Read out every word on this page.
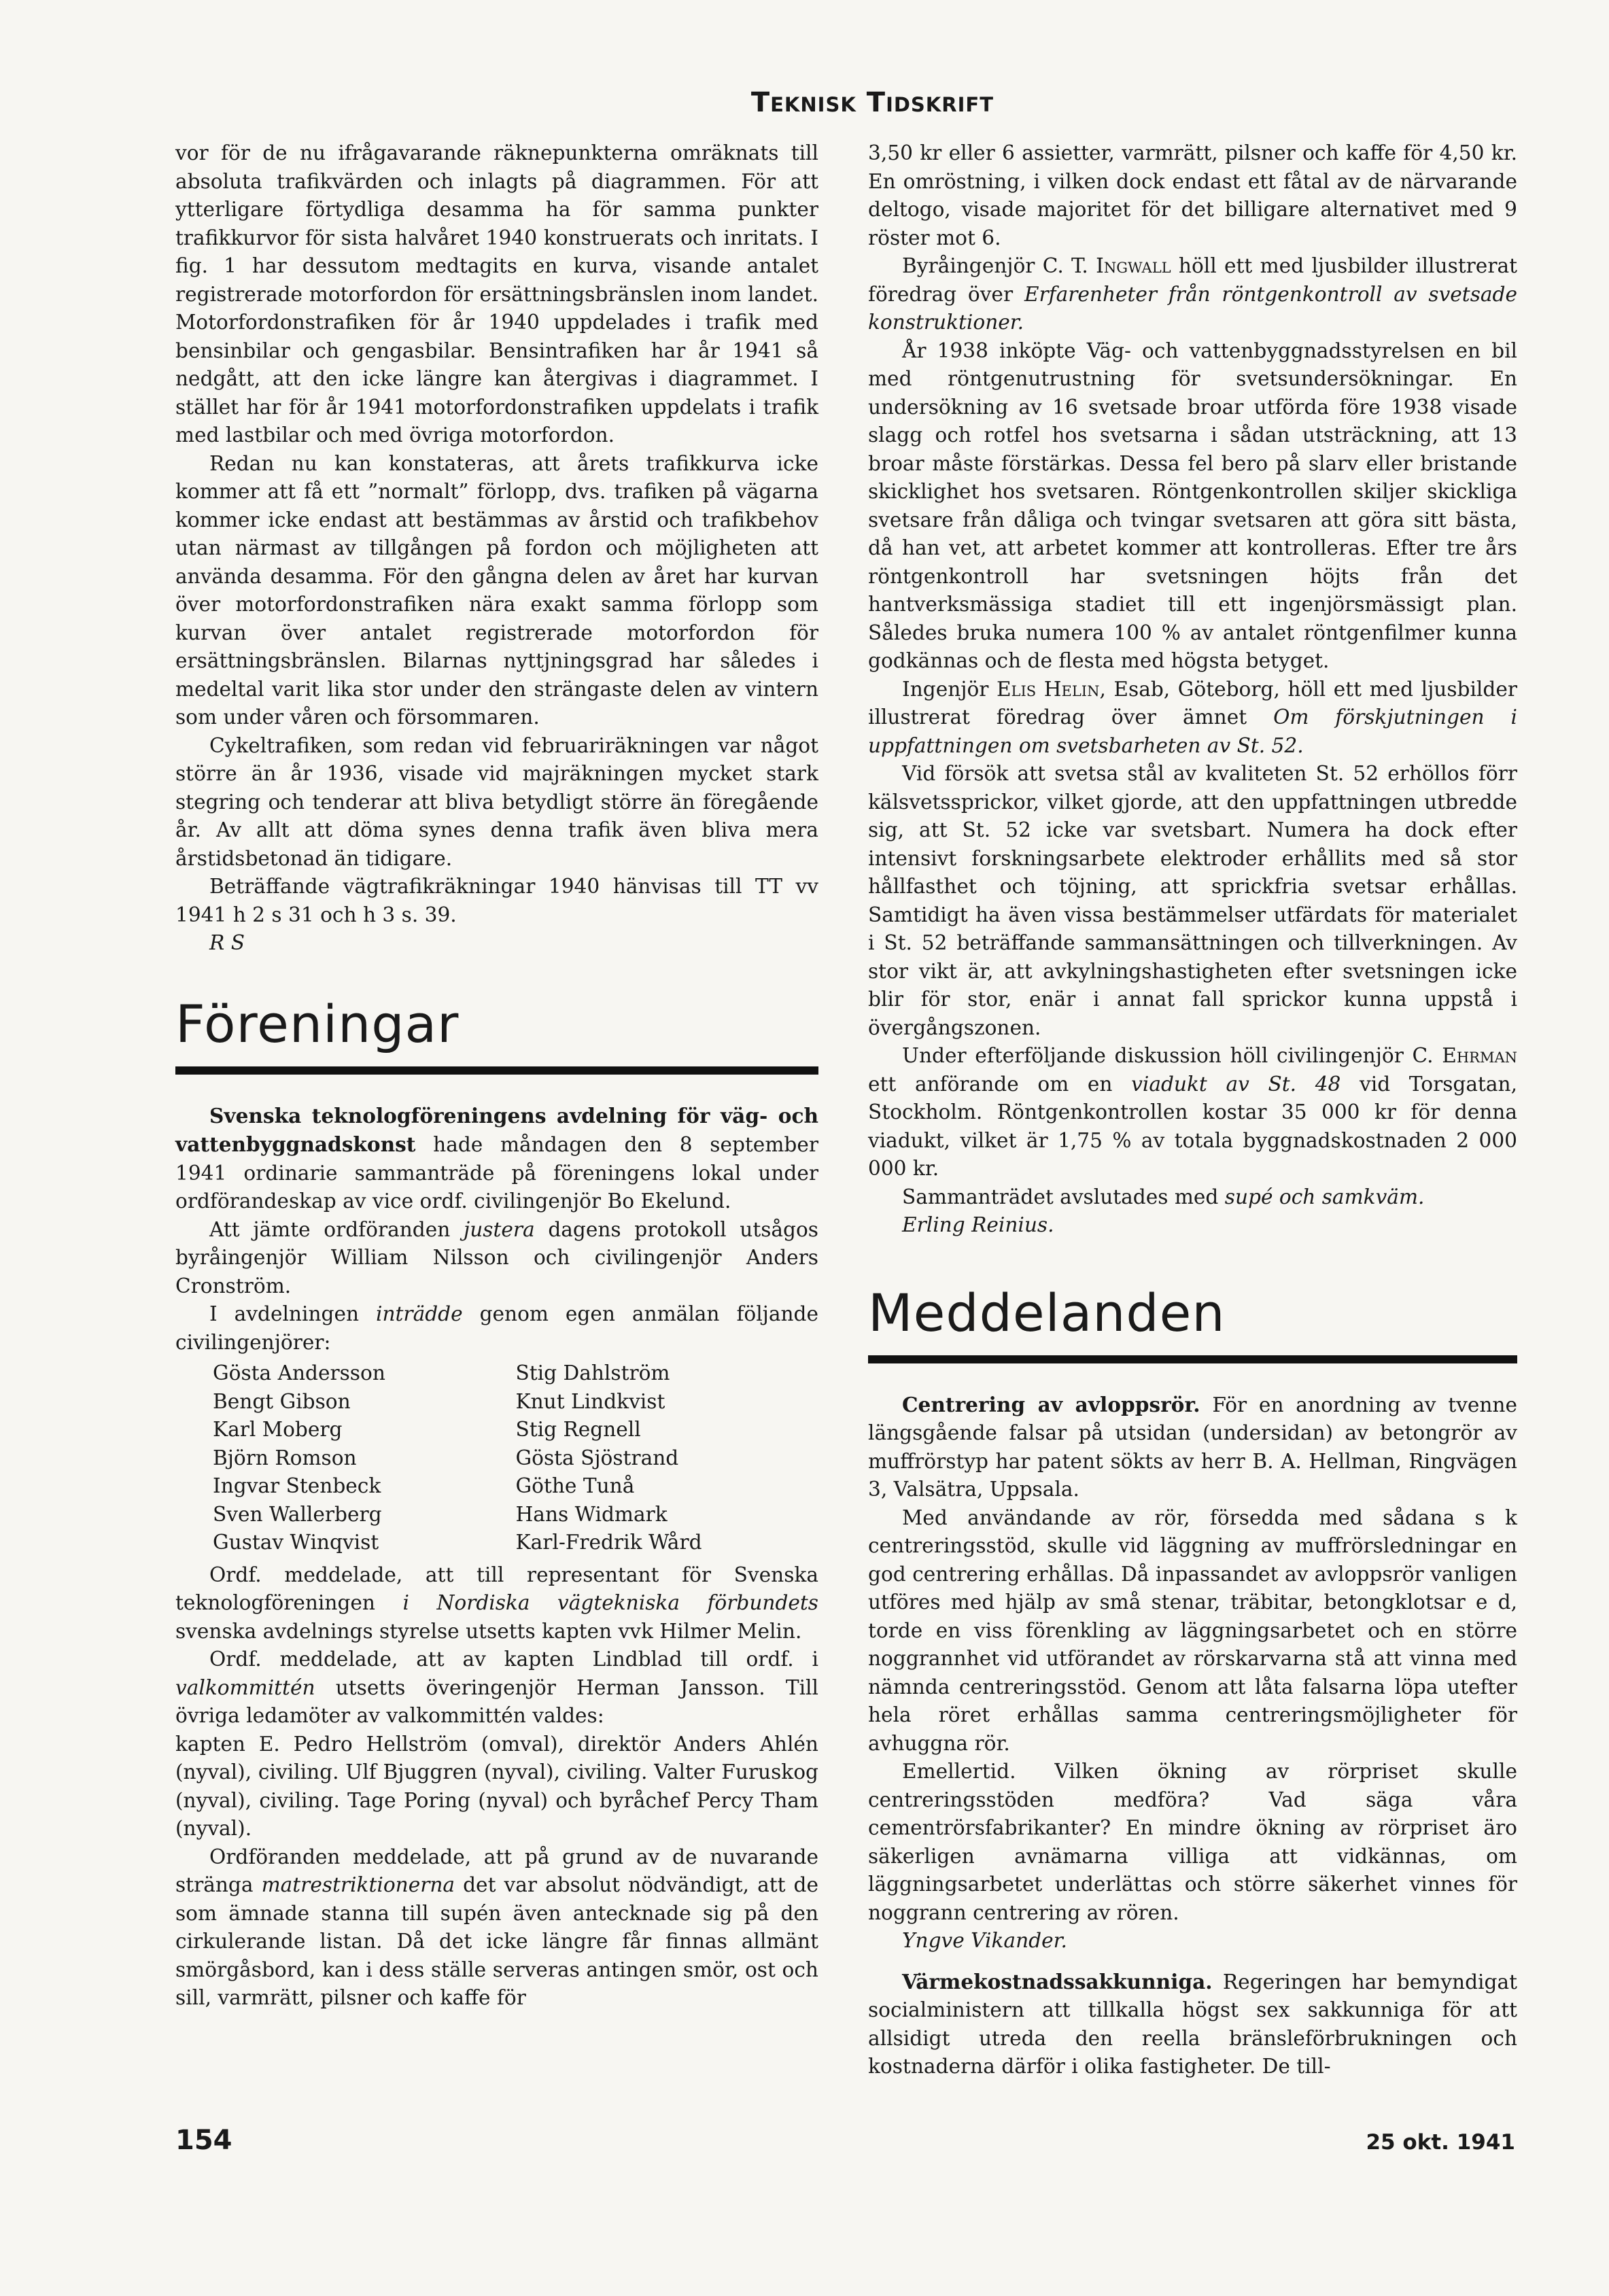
TEKNISK TIDSKRIFT

vor för de nu ifrågavarande räknepunkterna omräknats till absoluta trafikvärden och inlagts på diagrammen. För att ytterligare förtydliga desamma ha för samma punkter trafikkurvor för sista halvåret 1940 konstruerats och inritats. I fig. 1 har dessutom medtagits en kurva, visande antalet registrerade motorfordon för ersättningsbränslen inom landet. Motorfordonstrafiken för år 1940 uppdelades i trafik med bensinbilar och gengasbilar. Bensintrafiken har år 1941 så nedgått, att den icke längre kan återgivas i diagrammet. I stället har för år 1941 motorfordonstrafiken uppdelats i trafik med lastbilar och med övriga motorfordon.

Redan nu kan konstateras, att årets trafikkurva icke kommer att få ett ”normalt” förlopp, dvs. trafiken på vägarna kommer icke endast att bestämmas av årstid och trafikbehov utan närmast av tillgången på fordon och möjligheten att använda desamma. För den gångna delen av året har kurvan över motorfordonstrafiken nära exakt samma förlopp som kurvan över antalet registrerade motorfordon för ersättningsbränslen. Bilarnas nyttjningsgrad har således i medeltal varit lika stor under den strängaste delen av vintern som under våren och försommaren.

Cykeltrafiken, som redan vid februariräkningen var något större än år 1936, visade vid majräkningen mycket stark stegring och tenderar att bliva betydligt större än föregående år. Av allt att döma synes denna trafik även bliva mera årstidsbetonad än tidigare.

Beträffande vägtrafikräkningar 1940 hänvisas till TT vv 1941 h 2 s 31 och h 3 s. 39.

R S

Föreningar

Svenska teknologföreningens avdelning för väg- och vattenbyggnadskonst hade måndagen den 8 september 1941 ordinarie sammanträde på föreningens lokal under ordförandeskap av vice ordf. civilingenjör Bo Ekelund.

Att jämte ordföranden justera dagens protokoll utsågos byråingenjör William Nilsson och civilingenjör Anders Cronström.

I avdelningen inträdde genom egen anmälan följande civilingenjörer:

Gösta Andersson	Stig Dahlström
Bengt Gibson	Knut Lindkvist
Karl Moberg	Stig Regnell
Björn Romson	Gösta Sjöstrand
Ingvar Stenbeck	Göthe Tunå
Sven Wallerberg	Hans Widmark
Gustav Winqvist	Karl-Fredrik Wård

Ordf. meddelade, att till representant för Svenska teknologföreningen i Nordiska vägtekniska förbundets svenska avdelnings styrelse utsetts kapten vvk Hilmer Melin.

Ordf. meddelade, att av kapten Lindblad till ordf. i valkommittén utsetts överingenjör Herman Jansson. Till övriga ledamöter av valkommittén valdes:

kapten E. Pedro Hellström (omval), direktör Anders Ahlén (nyval), civiling. Ulf Bjuggren (nyval), civiling. Valter Furuskog (nyval), civiling. Tage Poring (nyval) och byråchef Percy Tham (nyval).

Ordföranden meddelade, att på grund av de nuvarande stränga matrestriktionerna det var absolut nödvändigt, att de som ämnade stanna till supén även antecknade sig på den cirkulerande listan. Då det icke längre får finnas allmänt smörgåsbord, kan i dess ställe serveras antingen smör, ost och sill, varmrätt, pilsner och kaffe för

3,50 kr eller 6 assietter, varmrätt, pilsner och kaffe för 4,50 kr. En omröstning, i vilken dock endast ett fåtal av de närvarande deltogo, visade majoritet för det billigare alternativet med 9 röster mot 6.

Byråingenjör C. T. Ingwall höll ett med ljusbilder illustrerat föredrag över Erfarenheter från röntgenkontroll av svetsade konstruktioner.

År 1938 inköpte Väg- och vattenbyggnadsstyrelsen en bil med röntgenutrustning för svetsundersökningar. En undersökning av 16 svetsade broar utförda före 1938 visade slagg och rotfel hos svetsarna i sådan utsträckning, att 13 broar måste förstärkas. Dessa fel bero på slarv eller bristande skicklighet hos svetsaren. Röntgenkontrollen skiljer skickliga svetsare från dåliga och tvingar svetsaren att göra sitt bästa, då han vet, att arbetet kommer att kontrolleras. Efter tre års röntgenkontroll har svetsningen höjts från det hantverksmässiga stadiet till ett ingenjörsmässigt plan. Således bruka numera 100 % av antalet röntgenfilmer kunna godkännas och de flesta med högsta betyget.

Ingenjör Elis Helin, Esab, Göteborg, höll ett med ljusbilder illustrerat föredrag över ämnet Om förskjutningen i uppfattningen om svetsbarheten av St. 52.

Vid försök att svetsa stål av kvaliteten St. 52 erhöllos förr kälsvetssprickor, vilket gjorde, att den uppfattningen utbredde sig, att St. 52 icke var svetsbart. Numera ha dock efter intensivt forskningsarbete elektroder erhållits med så stor hållfasthet och töjning, att sprickfria svetsar erhållas. Samtidigt ha även vissa bestämmelser utfärdats för materialet i St. 52 beträffande sammansättningen och tillverkningen. Av stor vikt är, att avkylningshastigheten efter svetsningen icke blir för stor, enär i annat fall sprickor kunna uppstå i övergångszonen.

Under efterföljande diskussion höll civilingenjör C. Ehrman ett anförande om en viadukt av St. 48 vid Torsgatan, Stockholm. Röntgenkontrollen kostar 35 000 kr för denna viadukt, vilket är 1,75 % av totala byggnadskostnaden 2 000 000 kr.

Sammanträdet avslutades med supé och samkväm.

Erling Reinius.

Meddelanden

Centrering av avloppsrör. För en anordning av tvenne längsgående falsar på utsidan (undersidan) av betongrör av muffrörstyp har patent sökts av herr B. A. Hellman, Ringvägen 3, Valsätra, Uppsala.

Med användande av rör, försedda med sådana s k centreringsstöd, skulle vid läggning av muffrörsledningar en god centrering erhållas. Då inpassandet av avloppsrör vanligen utföres med hjälp av små stenar, träbitar, betongklotsar e d, torde en viss förenkling av läggningsarbetet och en större noggrannhet vid utförandet av rörskarvarna stå att vinna med nämnda centreringsstöd. Genom att låta falsarna löpa utefter hela röret erhållas samma centreringsmöjligheter för avhuggna rör.

Emellertid. Vilken ökning av rörpriset skulle centreringsstöden medföra? Vad säga våra cementrörsfabrikanter? En mindre ökning av rörpriset äro säkerligen avnämarna villiga att vidkännas, om läggningsarbetet underlättas och större säkerhet vinnes för noggrann centrering av rören.

Yngve Vikander.

Värmekostnadssakkunniga. Regeringen har bemyndigat socialministern att tillkalla högst sex sakkunniga för att allsidigt utreda den reella bränsleförbrukningen och kostnaderna därför i olika fastigheter. De till-

154	25 okt. 1941
